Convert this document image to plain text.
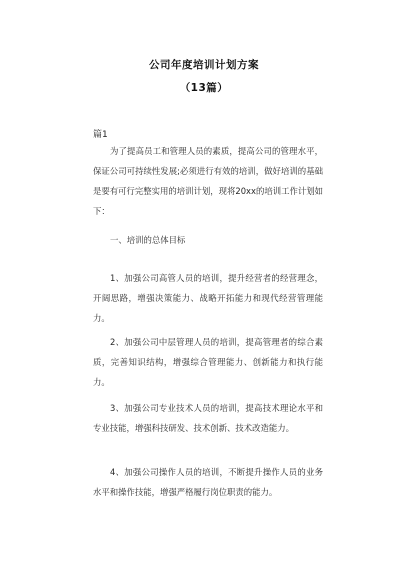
公司年度培训计划方案
（13篇）
篇1

为了提高员工和管理人员的素质，提高公司的管理水平，保证公司可持续性发展;必须进行有效的培训，做好培训的基础是要有可行完整实用的培训计划，现将20xx的培训工作计划如下：

一、培训的总体目标

1、加强公司高管人员的培训，提升经营者的经营理念，开阔思路，增强决策能力、战略开拓能力和现代经营管理能力。

2、加强公司中层管理人员的培训，提高管理者的综合素质，完善知识结构，增强综合管理能力、创新能力和执行能力。

3、加强公司专业技术人员的培训，提高技术理论水平和专业技能，增强科技研发、技术创新、技术改造能力。

4、加强公司操作人员的培训，不断提升操作人员的业务水平和操作技能，增强严格履行岗位职责的能力。
